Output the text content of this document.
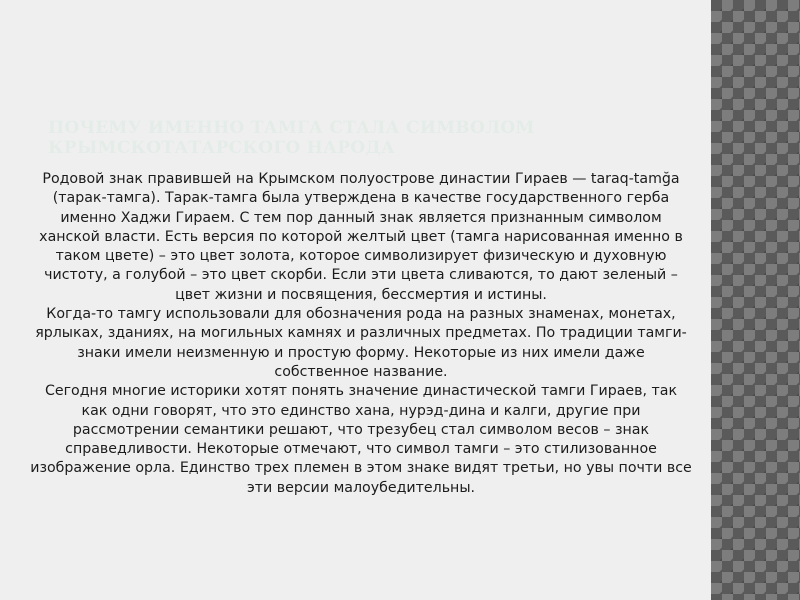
ПОЧЕМУ ИМЕННО ТАМГА СТАЛА СИМВОЛОМ КРЫМСКОТАТАРСКОГО НАРОДА

Родовой знак правившей на Крымском полуострове династии Гираев — taraq-tamğa (тарак-тамга). Тарак-тамга была утверждена в качестве государственного герба именно Хаджи Гираем. С тем пор данный знак является признанным символом ханской власти. Есть версия по которой желтый цвет (тамга нарисованная именно в таком цвете) – это цвет золота, которое символизирует физическую и духовную чистоту, а голубой – это цвет скорби. Если эти цвета сливаются, то дают зеленый – цвет жизни и посвящения, бессмертия и истины.

Когда-то тамгу использовали для обозначения рода на разных знаменах, монетах, ярлыках, зданиях, на могильных камнях и различных предметах. По традиции тамги-знаки имели неизменную и простую форму. Некоторые из них имели даже собственное название.

Сегодня многие историки хотят понять значение династической тамги Гираев, так как одни говорят, что это единство хана, нурэд-дина и калги, другие при рассмотрении семантики решают, что трезубец стал символом весов – знак справедливости. Некоторые отмечают, что символ тамги – это стилизованное изображение орла. Единство трех племен в этом знаке видят третьи, но увы почти все эти версии малоубедительны.
